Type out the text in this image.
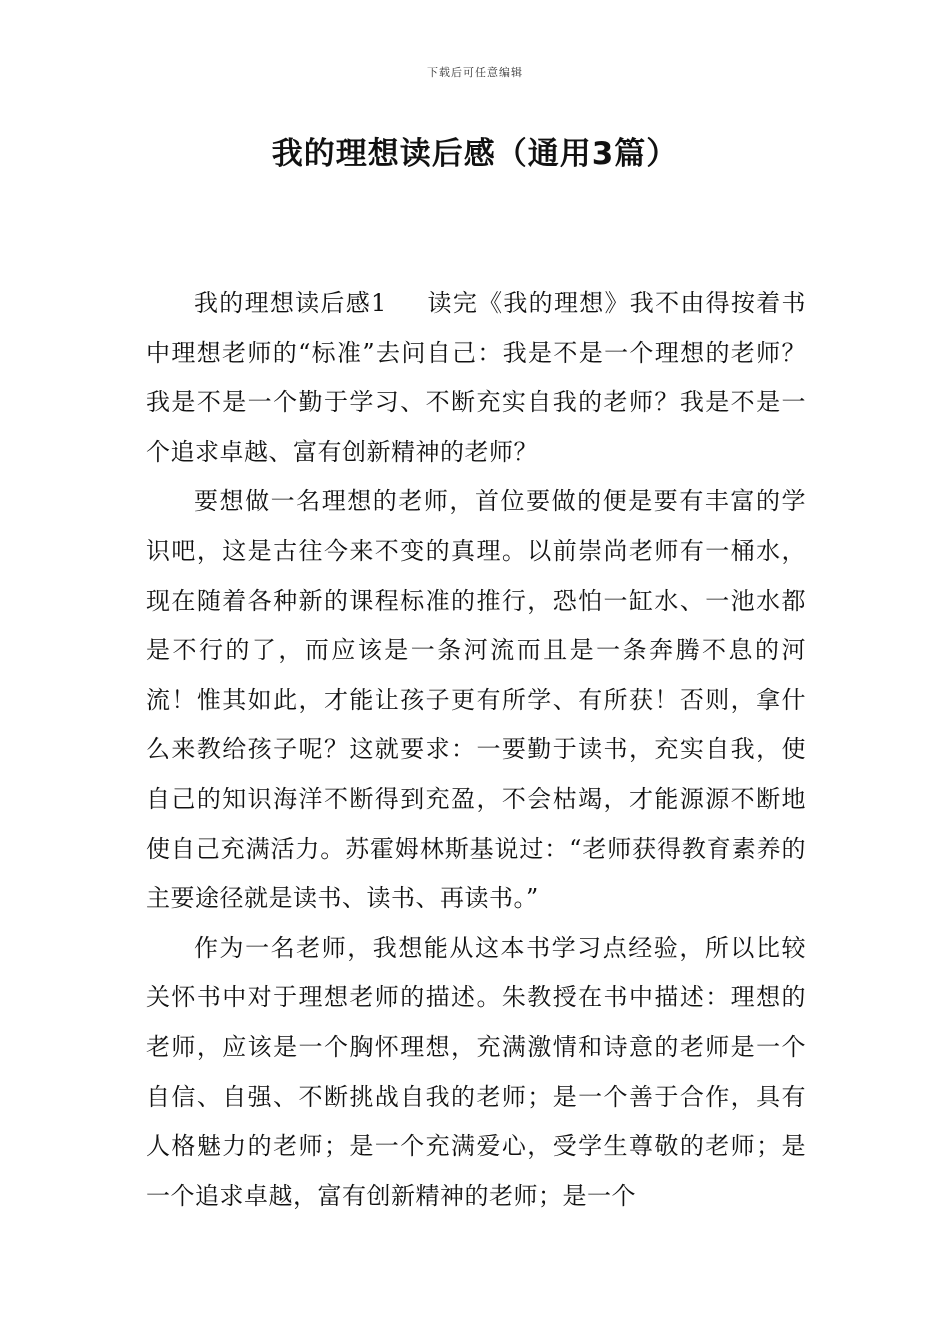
下载后可任意编辑
我的理想读后感（通用3篇）

我的理想读后感1 读完《我的理想》我不由得按着书中理想老师的“标准”去问自己：我是不是一个理想的老师？我是不是一个勤于学习、不断充实自我的老师？我是不是一个追求卓越、富有创新精神的老师？

要想做一名理想的老师，首位要做的便是要有丰富的学识吧，这是古往今来不变的真理。以前崇尚老师有一桶水，现在随着各种新的课程标准的推行，恐怕一缸水、一池水都是不行的了，而应该是一条河流而且是一条奔腾不息的河流！惟其如此，才能让孩子更有所学、有所获！否则，拿什么来教给孩子呢？这就要求：一要勤于读书，充实自我，使自己的知识海洋不断得到充盈，不会枯竭，才能源源不断地使自己充满活力。苏霍姆林斯基说过：“老师获得教育素养的主要途径就是读书、读书、再读书。”

作为一名老师，我想能从这本书学习点经验，所以比较关怀书中对于理想老师的描述。朱教授在书中描述：理想的老师，应该是一个胸怀理想，充满激情和诗意的老师是一个自信、自强、不断挑战自我的老师；是一个善于合作，具有人格魅力的老师；是一个充满爱心，受学生尊敬的老师；是一个追求卓越，富有创新精神的老师；是一个
